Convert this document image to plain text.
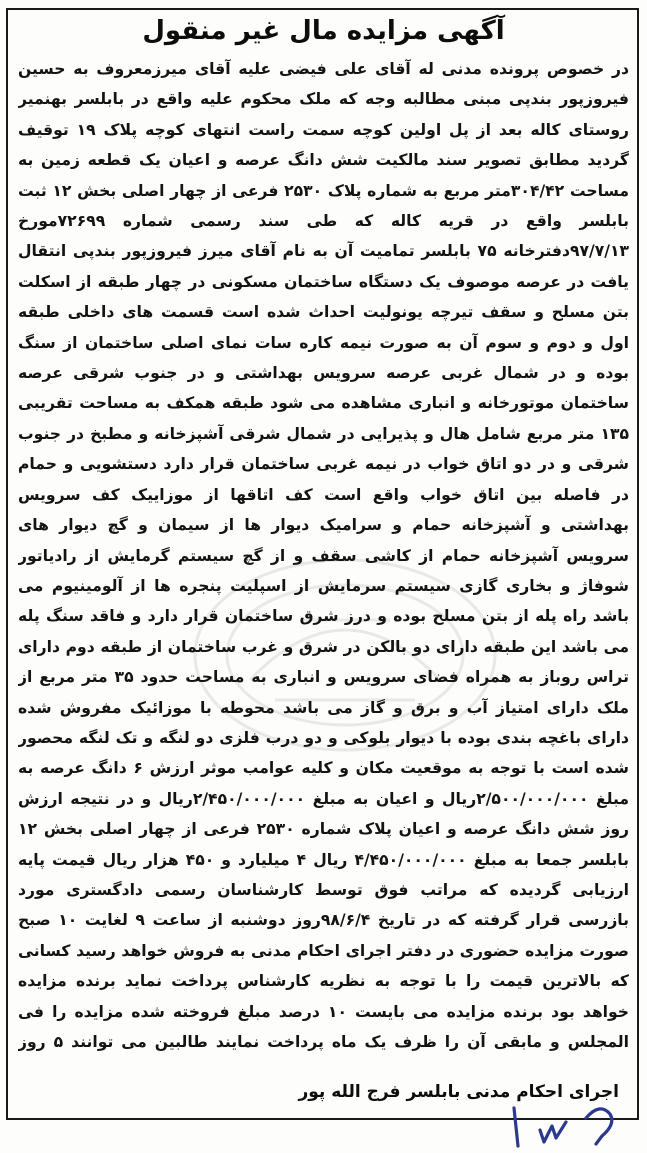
آگهی مزایده مال غیر منقول
در خصوص پرونده مدنی له آقای علی فیضی علیه آقای میرزمعروف به حسین فیروزپور بندپی مبنی مطالبه وجه که ملک محکوم علیه واقع در بابلسر بهنمیر روستای کاله بعد از پل اولین کوچه سمت راست انتهای کوچه پلاک ۱۹ توقیف گردید مطابق تصویر سند مالکیت شش دانگ عرصه و اعیان یک قطعه زمین به مساحت ۳۰۴/۴۲متر مربع به شماره پلاک ۲۵۳۰ فرعی از چهار اصلی بخش ۱۲ ثبت بابلسر واقع در قریه کاله که طی سند رسمی شماره ۷۲۶۹۹مورخ ۹۷/۷/۱۳دفترخانه ۷۵ بابلسر تمامیت آن به نام آقای میرز فیروزپور بندپی انتقال یافت در عرصه موصوف یک دستگاه ساختمان مسکونی در چهار طبقه از اسکلت بتن مسلح و سقف تیرچه یونولیت احداث شده است قسمت های داخلی طبقه اول و دوم و سوم آن به صورت نیمه کاره سات نمای اصلی ساختمان از سنگ بوده و در شمال غربی عرصه سرویس بهداشتی و در جنوب شرقی عرصه ساختمان موتورخانه و انباری مشاهده می شود طبقه همکف به مساحت تقریبی ۱۳۵ متر مربع شامل هال و پذیرایی در شمال شرقی آشپزخانه و مطبخ در جنوب شرقی و در دو اتاق خواب در نیمه غربی ساختمان قرار دارد دستشویی و حمام در فاصله بین اتاق خواب واقع است کف اتاقها از موزاییک کف سرویس بهداشتی و آشپزخانه حمام و سرامیک دیوار ها از سیمان و گچ دیوار های سرویس آشپزخانه حمام از کاشی سقف و از گچ سیستم گرمایش از رادیاتور شوفاژ و بخاری گازی سیستم سرمایش از اسپلیت پنجره ها از آلومینیوم می باشد راه پله از بتن مسلح بوده و درز شرق ساختمان قرار دارد و فاقد سنگ پله می باشد این طبقه دارای دو بالکن در شرق و غرب ساختمان از طبقه دوم دارای تراس روباز به همراه فضای سرویس و انباری به مساحت حدود ۳۵ متر مربع از ملک دارای امتیاز آب و برق و گاز می باشد محوطه با موزائیک مفروش شده دارای باغچه بندی بوده با دیوار بلوکی و دو درب فلزی دو لنگه و تک لنگه محصور شده است با توجه به موقعیت مکان و کلیه عوامب موثر ارزش ۶ دانگ عرصه به مبلغ ۲/۵۰۰/۰۰۰/۰۰۰ریال و اعیان به مبلغ ۲/۴۵۰/۰۰۰/۰۰۰ریال و در نتیجه ارزش روز شش دانگ عرصه و اعیان پلاک شماره ۲۵۳۰ فرعی از چهار اصلی بخش ۱۲ بابلسر جمعا به مبلغ ۴/۴۵۰/۰۰۰/۰۰۰ ریال ۴ میلیارد و ۴۵۰ هزار ریال قیمت پایه ارزیابی گردیده که مراتب فوق توسط کارشناسان رسمی دادگستری مورد بازرسی قرار گرفته که در تاریخ ۹۸/۶/۴روز دوشنبه از ساعت ۹ لغایت ۱۰ صبح صورت مزایده حضوری در دفتر اجرای احکام مدنی به فروش خواهد رسید کسانی که بالاترین قیمت را با توجه به نظریه کارشناس پرداخت نماید برنده مزایده خواهد بود برنده مزایده می بایست ۱۰ درصد مبلغ فروخته شده مزایده را فی المجلس و مابقی آن را ظرف یک ماه پرداخت نمایند طالبین می توانند ۵ روز
اجرای احکام مدنی بابلسر فرج الله پور
